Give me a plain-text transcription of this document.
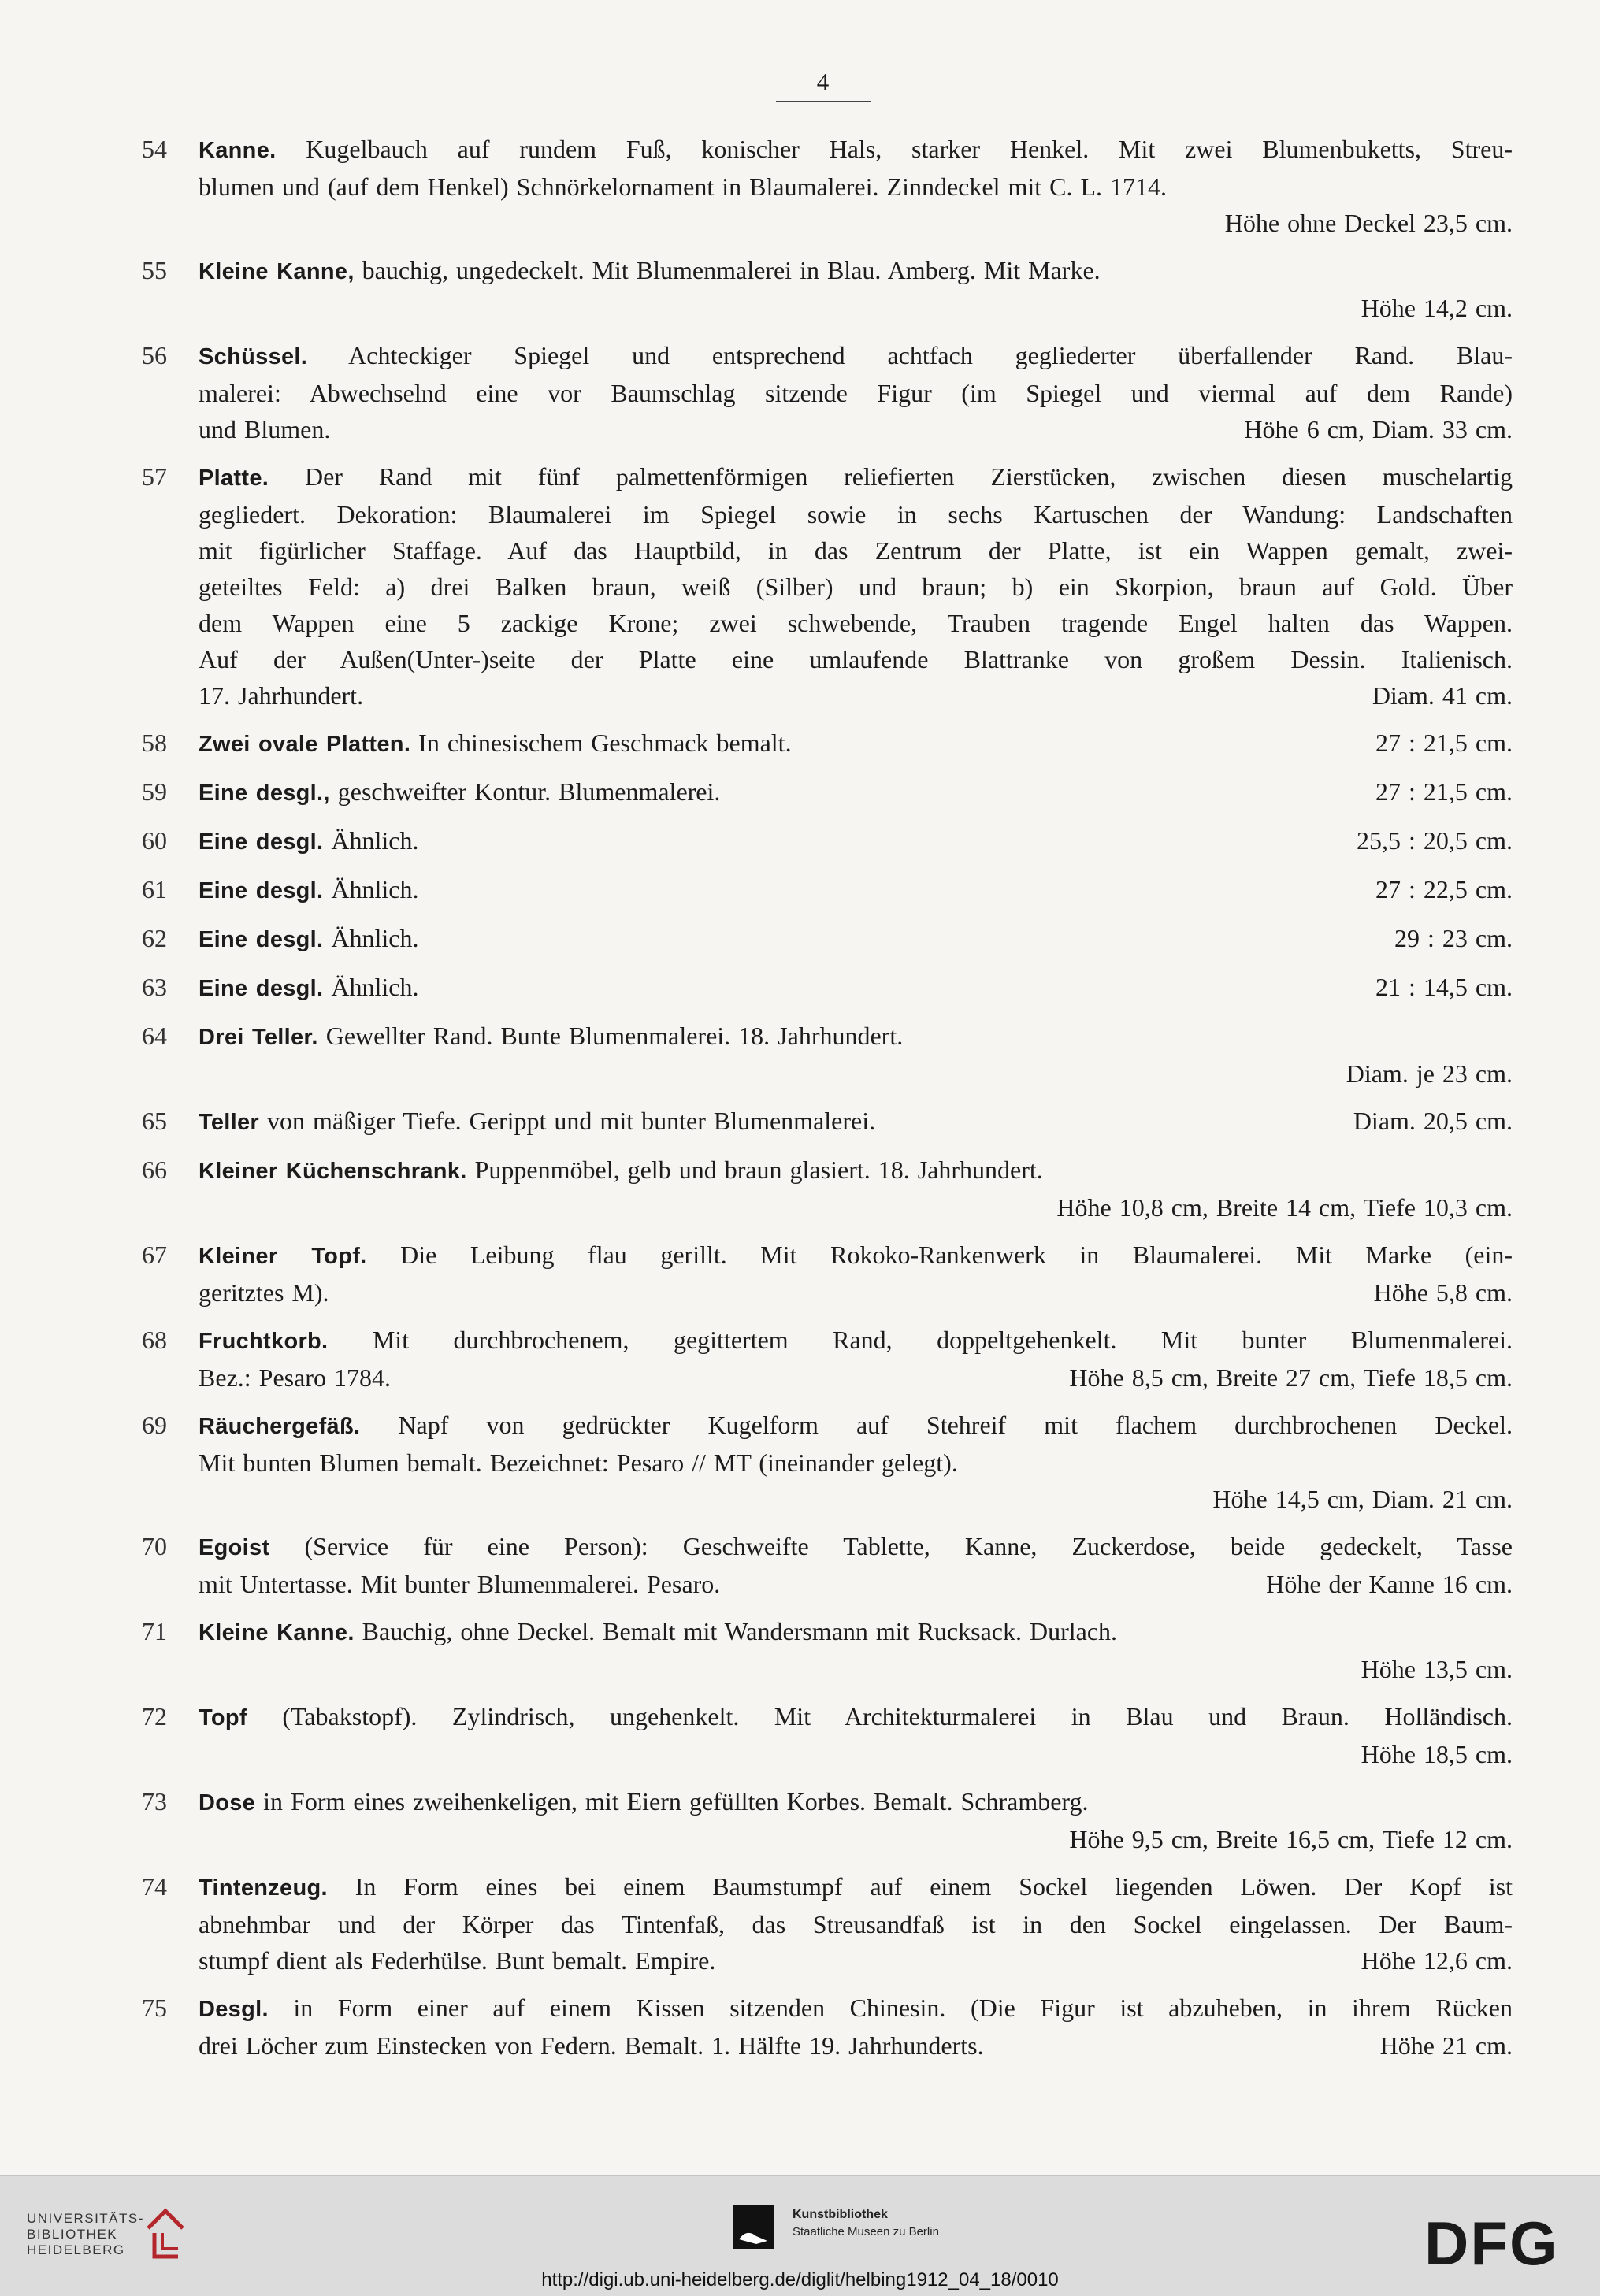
4
54	Kanne. Kugelbauch auf rundem Fuß, konischer Hals, starker Henkel. Mit zwei Blumenbuketts, Streu-
blumen und (auf dem Henkel) Schnörkelornament in Blaumalerei. Zinndeckel mit C. L. 1714.
Höhe ohne Deckel 23,5 cm.
55	Kleine Kanne, bauchig, ungedeckelt. Mit Blumenmalerei in Blau. Amberg. Mit Marke.
Höhe 14,2 cm.
56	Schüssel. Achteckiger Spiegel und entsprechend achtfach gegliederter überfallender Rand. Blau-
malerei: Abwechselnd eine vor Baumschlag sitzende Figur (im Spiegel und viermal auf dem Rande)
und Blumen.	Höhe 6 cm, Diam. 33 cm.
57	Platte. Der Rand mit fünf palmettenförmigen reliefierten Zierstücken, zwischen diesen muschelartig
gegliedert. Dekoration: Blaumalerei im Spiegel sowie in sechs Kartuschen der Wandung: Landschaften
mit figürlicher Staffage. Auf das Hauptbild, in das Zentrum der Platte, ist ein Wappen gemalt, zwei-
geteiltes Feld: a) drei Balken braun, weiß (Silber) und braun; b) ein Skorpion, braun auf Gold. Über
dem Wappen eine 5 zackige Krone; zwei schwebende, Trauben tragende Engel halten das Wappen.
Auf der Außen(Unter-)seite der Platte eine umlaufende Blattranke von großem Dessin. Italienisch.
17. Jahrhundert.	Diam. 41 cm.
58	Zwei ovale Platten. In chinesischem Geschmack bemalt.	27 : 21,5 cm.
59	Eine desgl., geschweifter Kontur. Blumenmalerei.	27 : 21,5 cm.
60	Eine desgl. Ähnlich.	25,5 : 20,5 cm.
61	Eine desgl. Ähnlich.	27 : 22,5 cm.
62	Eine desgl. Ähnlich.	29 : 23 cm.
63	Eine desgl. Ähnlich.	21 : 14,5 cm.
64	Drei Teller. Gewellter Rand. Bunte Blumenmalerei. 18. Jahrhundert.
Diam. je 23 cm.
65	Teller von mäßiger Tiefe. Gerippt und mit bunter Blumenmalerei.	Diam. 20,5 cm.
66	Kleiner Küchenschrank. Puppenmöbel, gelb und braun glasiert. 18. Jahrhundert.
Höhe 10,8 cm, Breite 14 cm, Tiefe 10,3 cm.
67	Kleiner Topf. Die Leibung flau gerillt. Mit Rokoko-Rankenwerk in Blaumalerei. Mit Marke (ein-
geritztes M).	Höhe 5,8 cm.
68	Fruchtkorb. Mit durchbrochenem, gegittertem Rand, doppeltgehenkelt. Mit bunter Blumenmalerei.
Bez.: Pesaro 1784.	Höhe 8,5 cm, Breite 27 cm, Tiefe 18,5 cm.
69	Räuchergefäß. Napf von gedrückter Kugelform auf Stehreif mit flachem durchbrochenen Deckel.
Mit bunten Blumen bemalt. Bezeichnet: Pesaro // MT (ineinander gelegt).
Höhe 14,5 cm, Diam. 21 cm.
70	Egoist (Service für eine Person): Geschweifte Tablette, Kanne, Zuckerdose, beide gedeckelt, Tasse
mit Untertasse. Mit bunter Blumenmalerei. Pesaro.	Höhe der Kanne 16 cm.
71	Kleine Kanne. Bauchig, ohne Deckel. Bemalt mit Wandersmann mit Rucksack. Durlach.
Höhe 13,5 cm.
72	Topf (Tabakstopf). Zylindrisch, ungehenkelt. Mit Architekturmalerei in Blau und Braun. Holländisch.
Höhe 18,5 cm.
73	Dose in Form eines zweihenkeligen, mit Eiern gefüllten Korbes. Bemalt. Schramberg.
Höhe 9,5 cm, Breite 16,5 cm, Tiefe 12 cm.
74	Tintenzeug. In Form eines bei einem Baumstumpf auf einem Sockel liegenden Löwen. Der Kopf ist
abnehmbar und der Körper das Tintenfaß, das Streusandfaß ist in den Sockel eingelassen. Der Baum-
stumpf dient als Federhülse. Bunt bemalt. Empire.	Höhe 12,6 cm.
75	Desgl. in Form einer auf einem Kissen sitzenden Chinesin. (Die Figur ist abzuheben, in ihrem Rücken
drei Löcher zum Einstecken von Federn. Bemalt. 1. Hälfte 19. Jahrhunderts.	Höhe 21 cm.
UNIVERSITÄTS-
BIBLIOTHEK
HEIDELBERG
Kunstbibliothek
Staatliche Museen zu Berlin	DFG
http://digi.ub.uni-heidelberg.de/diglit/helbing1912_04_18/0010
